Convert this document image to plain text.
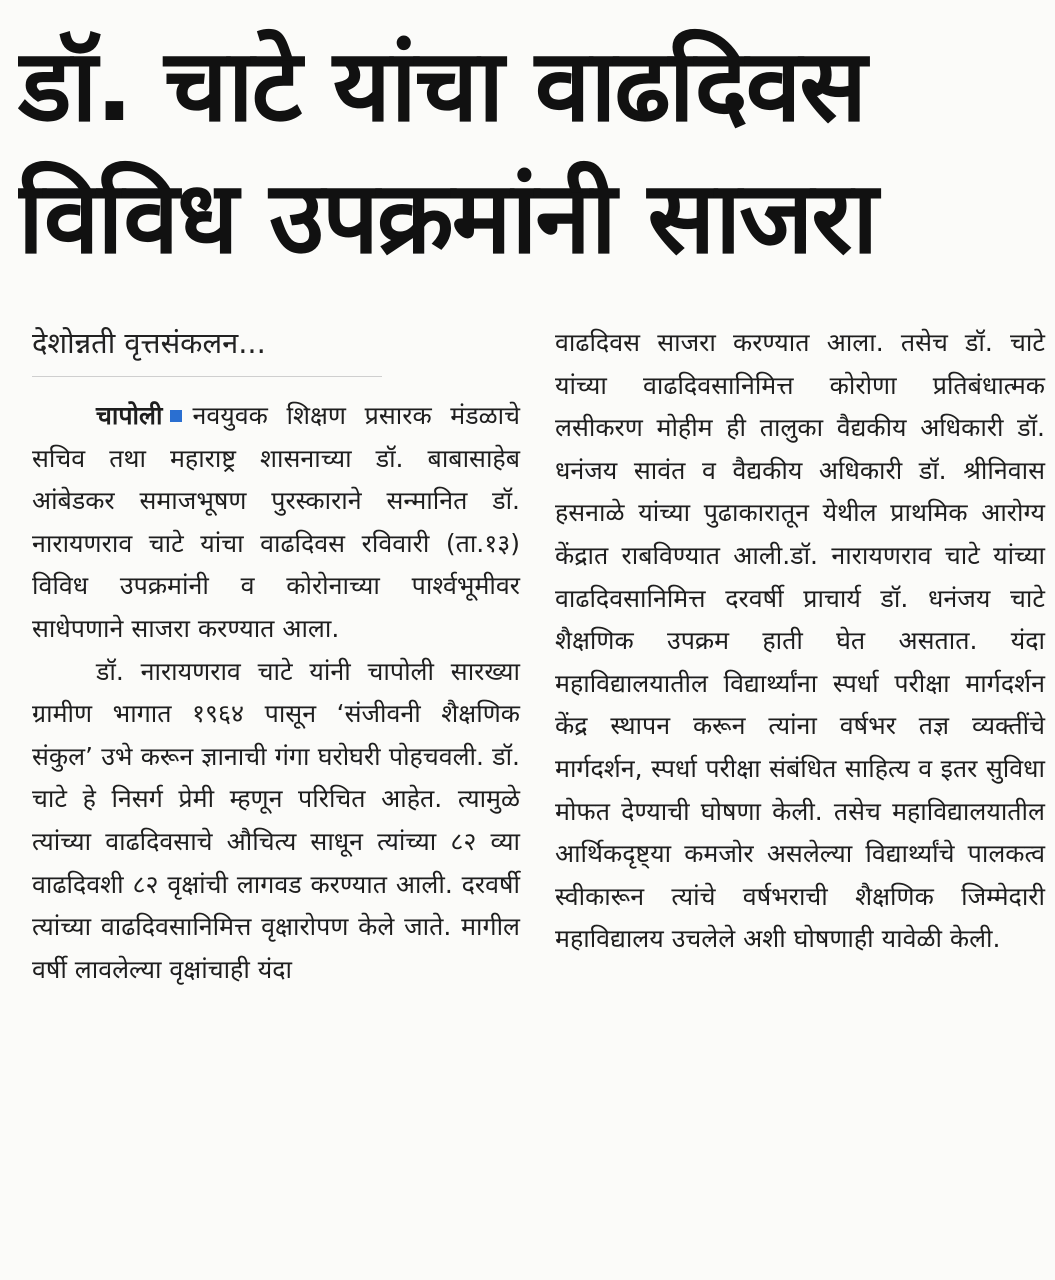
डॉ. चाटे यांचा वाढदिवस
विविध उपक्रमांनी साजरा
देशोन्नती वृत्तसंकलन...

चापोली नवयुवक शिक्षण प्रसारक मंडळाचे सचिव तथा महाराष्ट्र शासनाच्या डॉ. बाबासाहेब आंबेडकर समाजभूषण पुरस्काराने सन्मानित डॉ. नारायणराव चाटे यांचा वाढदिवस रविवारी (ता.१३) विविध उपक्रमांनी व कोरोनाच्या पार्श्वभूमीवर साधेपणाने साजरा करण्यात आला.

डॉ. नारायणराव चाटे यांनी चापोली सारख्या ग्रामीण भागात १९६४ पासून ‘संजीवनी शैक्षणिक संकुल’ उभे करून ज्ञानाची गंगा घरोघरी पोहचवली. डॉ. चाटे हे निसर्ग प्रेमी म्हणून परिचित आहेत. त्यामुळे त्यांच्या वाढदिवसाचे औचित्य साधून त्यांच्या ८२ व्या वाढदिवशी ८२ वृक्षांची लागवड करण्यात आली. दरवर्षी त्यांच्या वाढदिवसानिमित्त वृक्षारोपण केले जाते. मागील वर्षी लावलेल्या वृक्षांचाही यंदा

वाढदिवस साजरा करण्यात आला. तसेच डॉ. चाटे यांच्या वाढदिवसानिमित्त कोरोणा प्रतिबंधात्मक लसीकरण मोहीम ही तालुका वैद्यकीय अधिकारी डॉ. धनंजय सावंत व वैद्यकीय अधिकारी डॉ. श्रीनिवास हसनाळे यांच्या पुढाकारातून येथील प्राथमिक आरोग्य केंद्रात राबविण्यात आली.डॉ. नारायणराव चाटे यांच्या वाढदिवसानिमित्त दरवर्षी प्राचार्य डॉ. धनंजय चाटे शैक्षणिक उपक्रम हाती घेत असतात. यंदा महाविद्यालयातील विद्यार्थ्यांना स्पर्धा परीक्षा मार्गदर्शन केंद्र स्थापन करून त्यांना वर्षभर तज्ञ व्यक्तींचे मार्गदर्शन, स्पर्धा परीक्षा संबंधित साहित्य व इतर सुविधा मोफत देण्याची घोषणा केली. तसेच महाविद्यालयातील आर्थिकदृष्ट्या कमजोर असलेल्या विद्यार्थ्यांचे पालकत्व स्वीकारून त्यांचे वर्षभराची शैक्षणिक जिम्मेदारी महाविद्यालय उचलेले अशी घोषणाही यावेळी केली.
